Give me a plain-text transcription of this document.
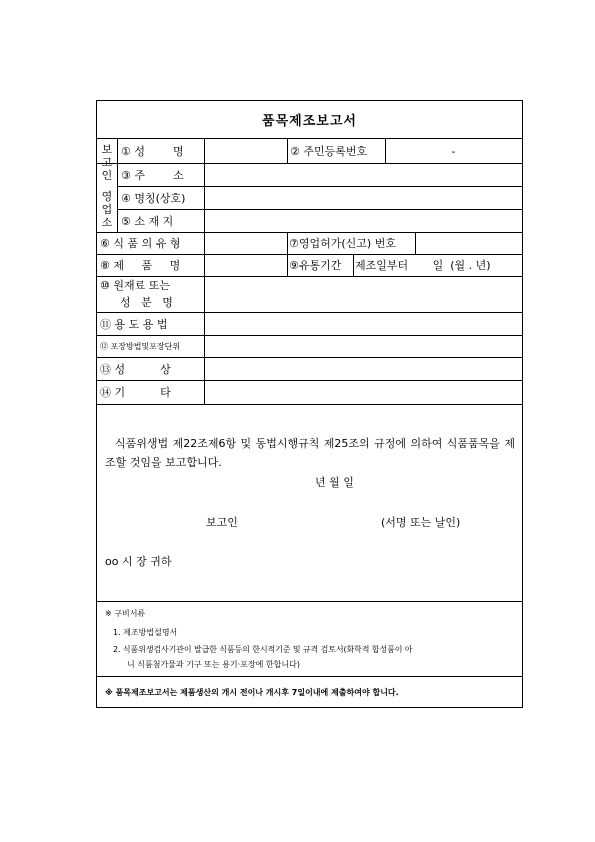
품목제조보고서
보
고
인
영
업
소
① 성        명	② 주민등록번호	-
③ 주        소
④ 명칭(상호)
⑤ 소 재 지
⑥ 식 품 의 유 형	⑦영업허가(신고) 번호
⑧ 제     품     명	⑨유통기간	제조일부터       일  (월 . 년)
⑩ 원재료 또는
성   분   명
⑪ 용 도 용 법
⑫ 포장방법및포장단위
⑬ 성          상
⑭ 기          타
식품위생법 제22조제6항 및 동법시행규칙 제25조의 규정에 의하여 식품품목을 제조할 것임을 보고합니다.
년 월 일
보고인	(서명 또는 날인)
oo 시 장 귀하
※ 구비서류
1. 제조방법설명서
2. 식품위생검사기관이 발급한 식품등의 한시적기준 및 규격 검토서(화학적 합성품이 아
니 식품첨가물과 기구 또는 용기·포장에 한합니다)
※ 품목제조보고서는 제품생산의 개시 전이나 개시후 7일이내에 제출하여야 합니다.
